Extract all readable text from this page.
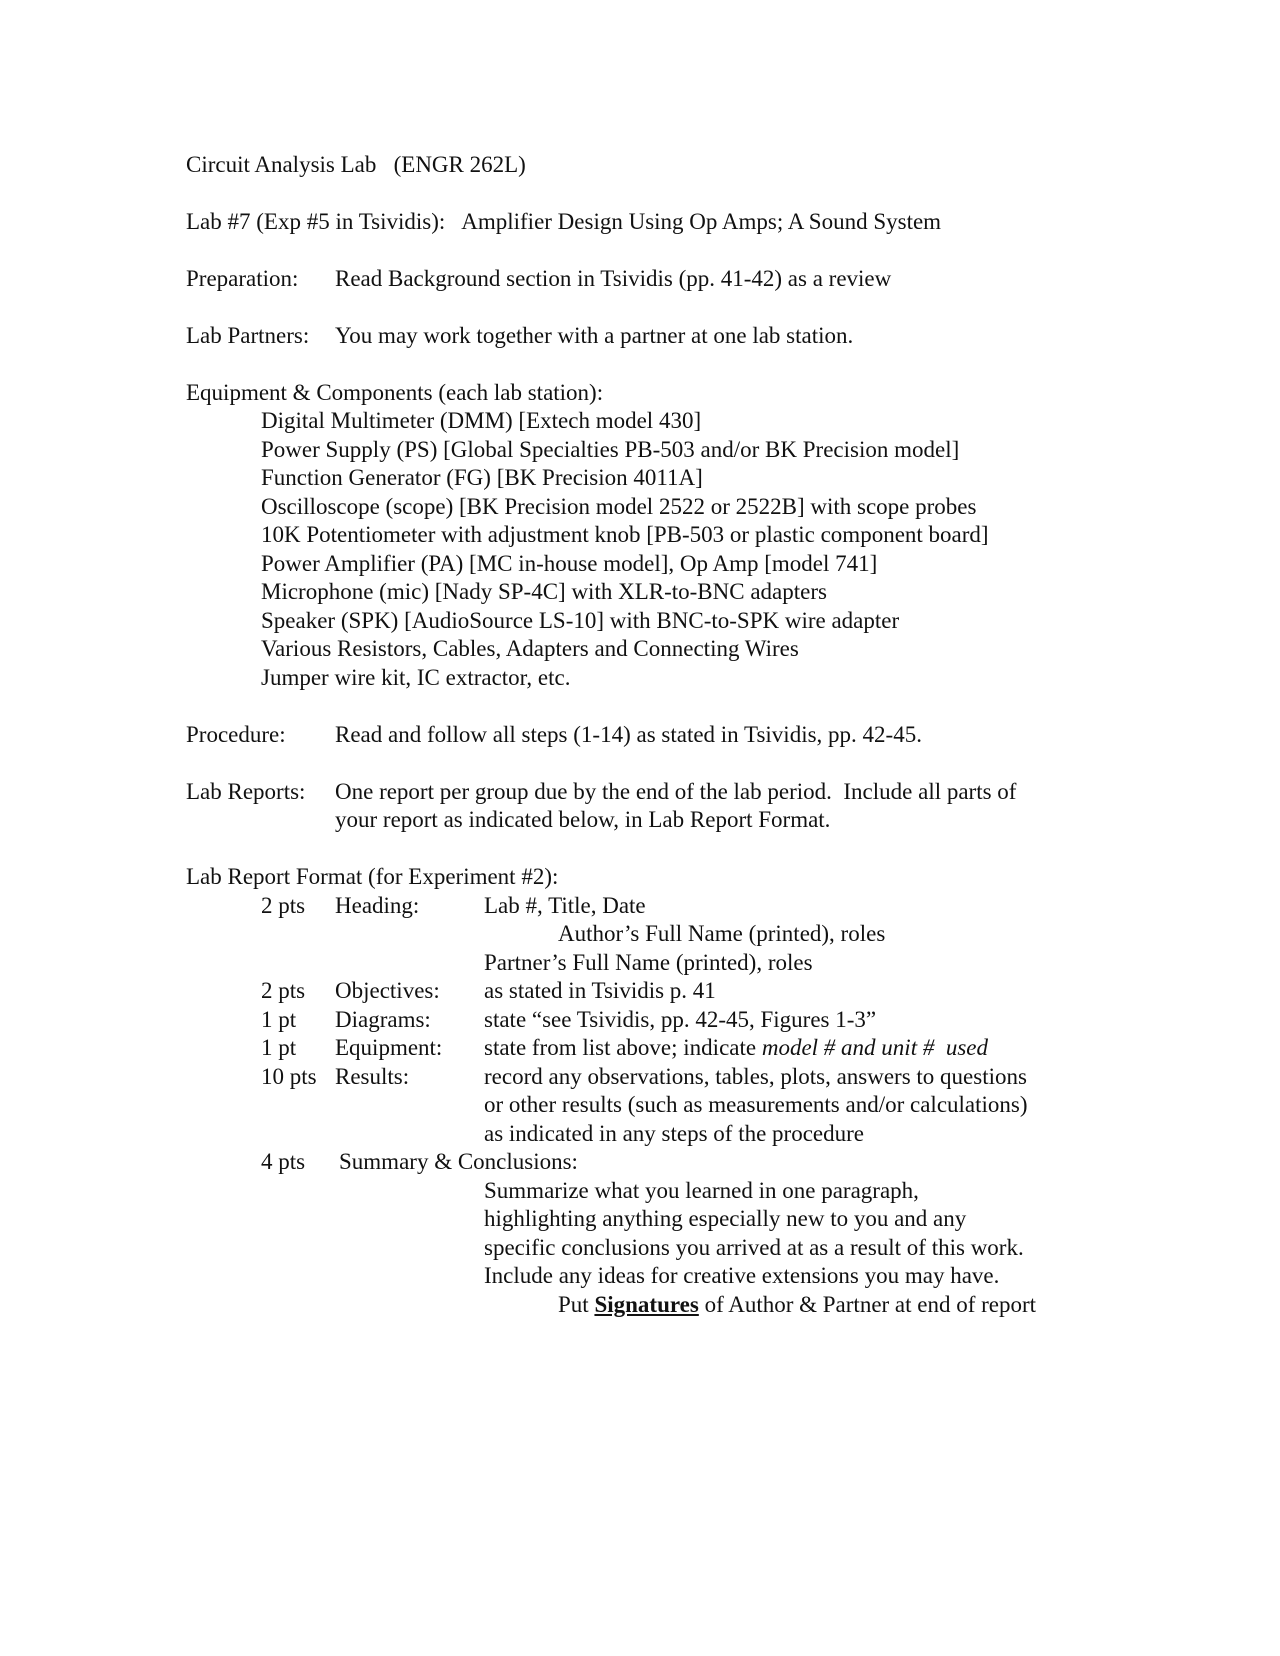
Circuit Analysis Lab   (ENGR 262L)
Lab #7 (Exp #5 in Tsividis):   Amplifier Design Using Op Amps; A Sound System
Preparation: Read Background section in Tsividis (pp. 41-42) as a review
Lab Partners: You may work together with a partner at one lab station.
Equipment & Components (each lab station):
Digital Multimeter (DMM) [Extech model 430]
Power Supply (PS) [Global Specialties PB-503 and/or BK Precision model]
Function Generator (FG) [BK Precision 4011A]
Oscilloscope (scope) [BK Precision model 2522 or 2522B] with scope probes
10K Potentiometer with adjustment knob [PB-503 or plastic component board]
Power Amplifier (PA) [MC in-house model], Op Amp [model 741]
Microphone (mic) [Nady SP-4C] with XLR-to-BNC adapters
Speaker (SPK) [AudioSource LS-10] with BNC-to-SPK wire adapter
Various Resistors, Cables, Adapters and Connecting Wires
Jumper wire kit, IC extractor, etc.
Procedure: Read and follow all steps (1-14) as stated in Tsividis, pp. 42-45.
Lab Reports: One report per group due by the end of the lab period.  Include all parts of
your report as indicated below, in Lab Report Format.
Lab Report Format (for Experiment #2):
2 pts Heading:	Lab #, Title, Date
Author’s Full Name (printed), roles
Partner’s Full Name (printed), roles
2 pts Objectives: as stated in Tsividis p. 41
1 pt Diagrams: state “see Tsividis, pp. 42-45, Figures 1-3”
1 pt Equipment: state from list above; indicate model # and unit #  used
10 pts Results:	record any observations, tables, plots, answers to questions
or other results (such as measurements and/or calculations)
as indicated in any steps of the procedure
4 pts Summary & Conclusions:
Summarize what you learned in one paragraph,
highlighting anything especially new to you and any
specific conclusions you arrived at as a result of this work.
Include any ideas for creative extensions you may have.
Put Signatures of Author & Partner at end of report
